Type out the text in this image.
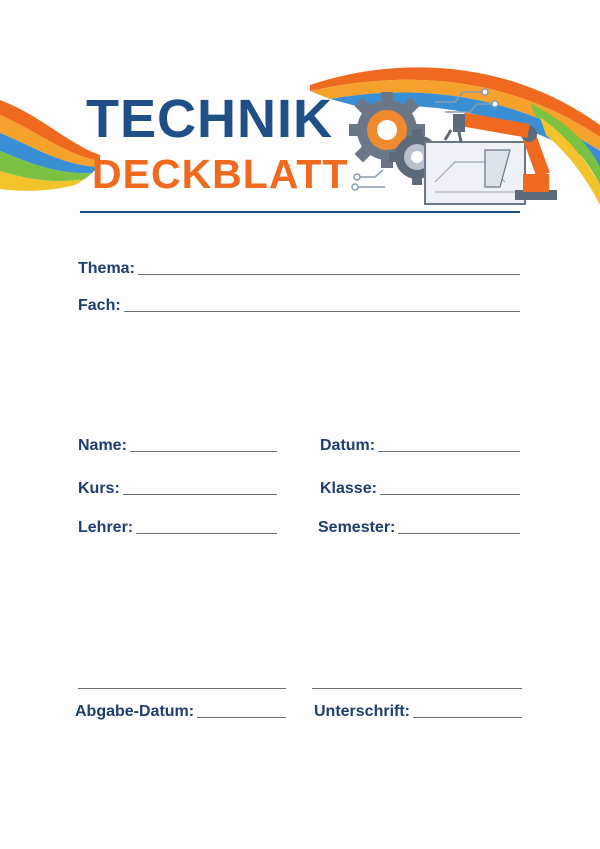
TECHNIK
DECKBLATT
Thema:
Fach:
Name:
Kurs:
Lehrer:
Datum:
Klasse:
Semester:
Abgabe-Datum:	Unterschrift:
